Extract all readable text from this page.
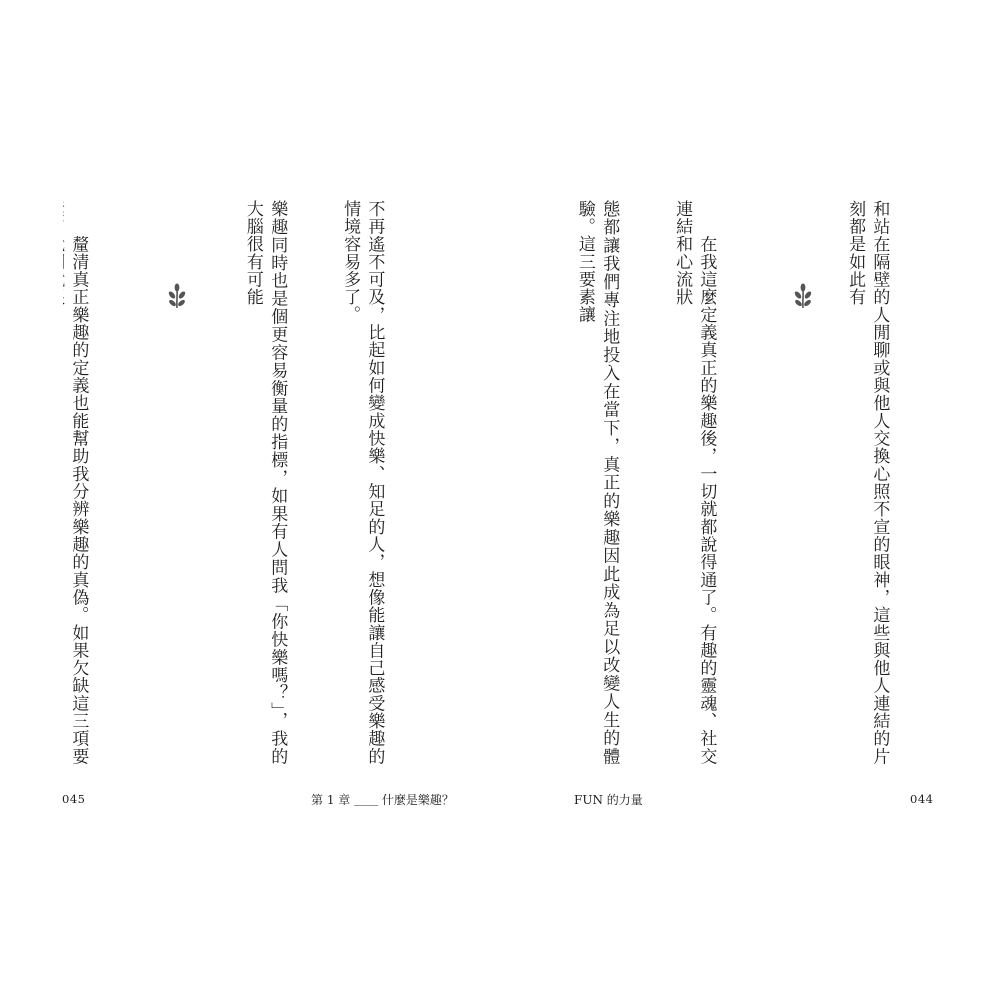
不再遙不可及，比起如何變成快樂、知足的人，想像能讓自己感受樂趣的情境容易多了。

樂趣同時也是個更容易衡量的指標，如果有人問我「你快樂嗎？」，我的大腦很有可能

　　釐清真正樂趣的定義也能幫助我分辨樂趣的真偽。如果欠缺這三項要

045	第 1 章 ＿＿ 什麼是樂趣？

和站在隔壁的人閒聊或與他人交換心照不宣的眼神，這些與他人連結的片刻都是如此有

　　在我這麼定義真正的樂趣後，一切就都說得通了。有趣的靈魂、社交連結和心流狀

態都讓我們專注地投入在當下，真正的樂趣因此成為足以改變人生的體驗。這三要素讓

FUN 的力量	044
